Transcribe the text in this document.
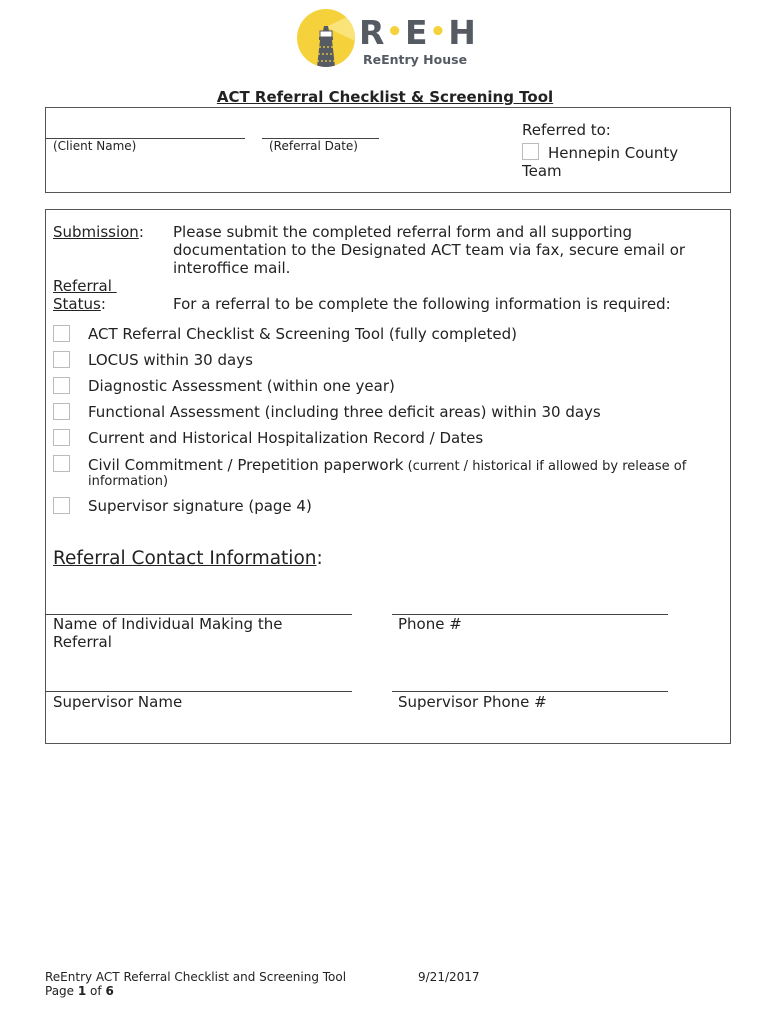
R•E•H
ReEntry House
ACT Referral Checklist & Screening Tool
(Client Name)	(Referral Date)
Referred to:
Hennepin County
Team
Submission: Please submit the completed referral form and all supporting
documentation to the Designated ACT team via fax, secure email or
interoffice mail.
Referral
Status:	For a referral to be complete the following information is required:
ACT Referral Checklist & Screening Tool (fully completed)
LOCUS within 30 days
Diagnostic Assessment (within one year)
Functional Assessment (including three deficit areas) within 30 days
Current and Historical Hospitalization Record / Dates
Civil Commitment / Prepetition paperwork (current / historical if allowed by release of
information)
Supervisor signature (page 4)
Referral Contact Information:
Name of Individual Making the
Referral
Phone #
Supervisor Name	Supervisor Phone #
ReEntry ACT Referral Checklist and Screening Tool	9/21/2017
Page 1 of 6
